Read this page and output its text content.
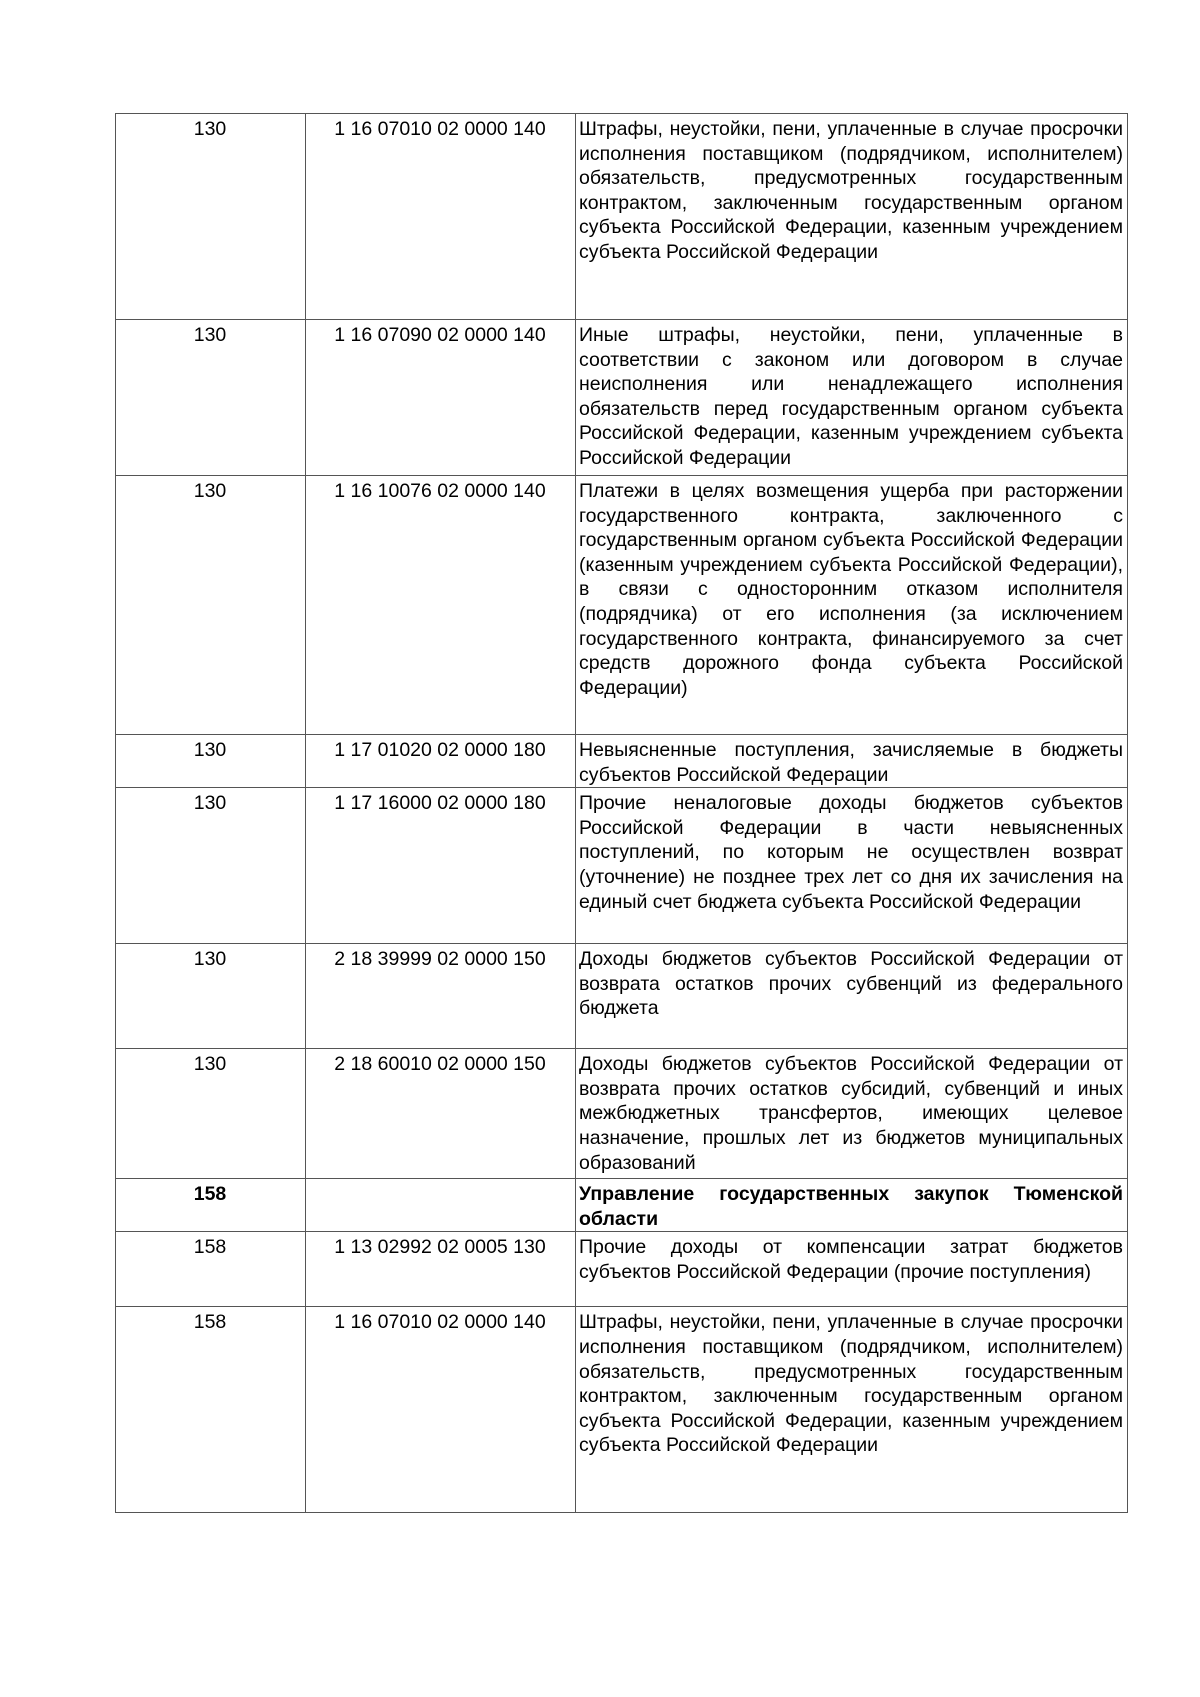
130	1 16 07010 02 0000 140	Штрафы, неустойки, пени, уплаченные в случае просрочки исполнения поставщиком (подрядчиком, исполнителем) обязательств, предусмотренных государственным контрактом, заключенным государственным органом субъекта Российской Федерации, казенным учреждением субъекта Российской Федерации
130	1 16 07090 02 0000 140	Иные штрафы, неустойки, пени, уплаченные в соответствии с законом или договором в случае неисполнения или ненадлежащего исполнения обязательств перед государственным органом субъекта Российской Федерации, казенным учреждением субъекта Российской Федерации
130	1 16 10076 02 0000 140	Платежи в целях возмещения ущерба при расторжении государственного контракта, заключенного с государственным органом субъекта Российской Федерации (казенным учреждением субъекта Российской Федерации), в связи с односторонним отказом исполнителя (подрядчика) от его исполнения (за исключением государственного контракта, финансируемого за счет средств дорожного фонда субъекта Российской Федерации)
130	1 17 01020 02 0000 180	Невыясненные поступления, зачисляемые в бюджеты субъектов Российской Федерации
130	1 17 16000 02 0000 180	Прочие неналоговые доходы бюджетов субъектов Российской Федерации в части невыясненных поступлений, по которым не осуществлен возврат (уточнение) не позднее трех лет со дня их зачисления на единый счет бюджета субъекта Российской Федерации
130	2 18 39999 02 0000 150	Доходы бюджетов субъектов Российской Федерации от возврата остатков прочих субвенций из федерального бюджета
130	2 18 60010 02 0000 150	Доходы бюджетов субъектов Российской Федерации от возврата прочих остатков субсидий, субвенций и иных межбюджетных трансфертов, имеющих целевое назначение, прошлых лет из бюджетов муниципальных образований
158		Управление государственных закупок Тюменской области
158	1 13 02992 02 0005 130	Прочие доходы от компенсации затрат бюджетов субъектов Российской Федерации (прочие поступления)
158	1 16 07010 02 0000 140	Штрафы, неустойки, пени, уплаченные в случае просрочки исполнения поставщиком (подрядчиком, исполнителем) обязательств, предусмотренных государственным контрактом, заключенным государственным органом субъекта Российской Федерации, казенным учреждением субъекта Российской Федерации
